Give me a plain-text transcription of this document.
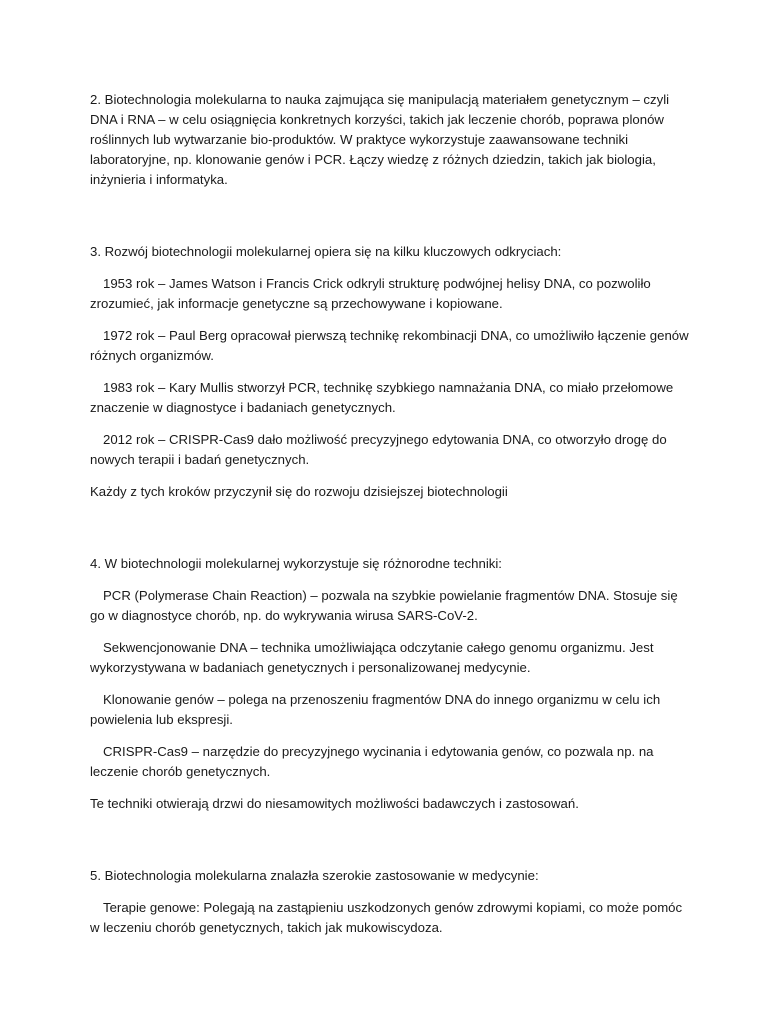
2. Biotechnologia molekularna to nauka zajmująca się manipulacją materiałem genetycznym – czyli DNA i RNA – w celu osiągnięcia konkretnych korzyści, takich jak leczenie chorób, poprawa plonów roślinnych lub wytwarzanie bio-produktów. W praktyce wykorzystuje zaawansowane techniki laboratoryjne, np. klonowanie genów i PCR. Łączy wiedzę z różnych dziedzin, takich jak biologia, inżynieria i informatyka.

3. Rozwój biotechnologii molekularnej opiera się na kilku kluczowych odkryciach:

1953 rok – James Watson i Francis Crick odkryli strukturę podwójnej helisy DNA, co pozwoliło zrozumieć, jak informacje genetyczne są przechowywane i kopiowane.

1972 rok – Paul Berg opracował pierwszą technikę rekombinacji DNA, co umożliwiło łączenie genów różnych organizmów.

1983 rok – Kary Mullis stworzył PCR, technikę szybkiego namnażania DNA, co miało przełomowe znaczenie w diagnostyce i badaniach genetycznych.

2012 rok – CRISPR-Cas9 dało możliwość precyzyjnego edytowania DNA, co otworzyło drogę do nowych terapii i badań genetycznych.

Każdy z tych kroków przyczynił się do rozwoju dzisiejszej biotechnologii

4. W biotechnologii molekularnej wykorzystuje się różnorodne techniki:

PCR (Polymerase Chain Reaction) – pozwala na szybkie powielanie fragmentów DNA. Stosuje się go w diagnostyce chorób, np. do wykrywania wirusa SARS-CoV-2.

Sekwencjonowanie DNA – technika umożliwiająca odczytanie całego genomu organizmu. Jest wykorzystywana w badaniach genetycznych i personalizowanej medycynie.

Klonowanie genów – polega na przenoszeniu fragmentów DNA do innego organizmu w celu ich powielenia lub ekspresji.

CRISPR-Cas9 – narzędzie do precyzyjnego wycinania i edytowania genów, co pozwala np. na leczenie chorób genetycznych.

Te techniki otwierają drzwi do niesamowitych możliwości badawczych i zastosowań.

5. Biotechnologia molekularna znalazła szerokie zastosowanie w medycynie:

Terapie genowe: Polegają na zastąpieniu uszkodzonych genów zdrowymi kopiami, co może pomóc w leczeniu chorób genetycznych, takich jak mukowiscydoza.
